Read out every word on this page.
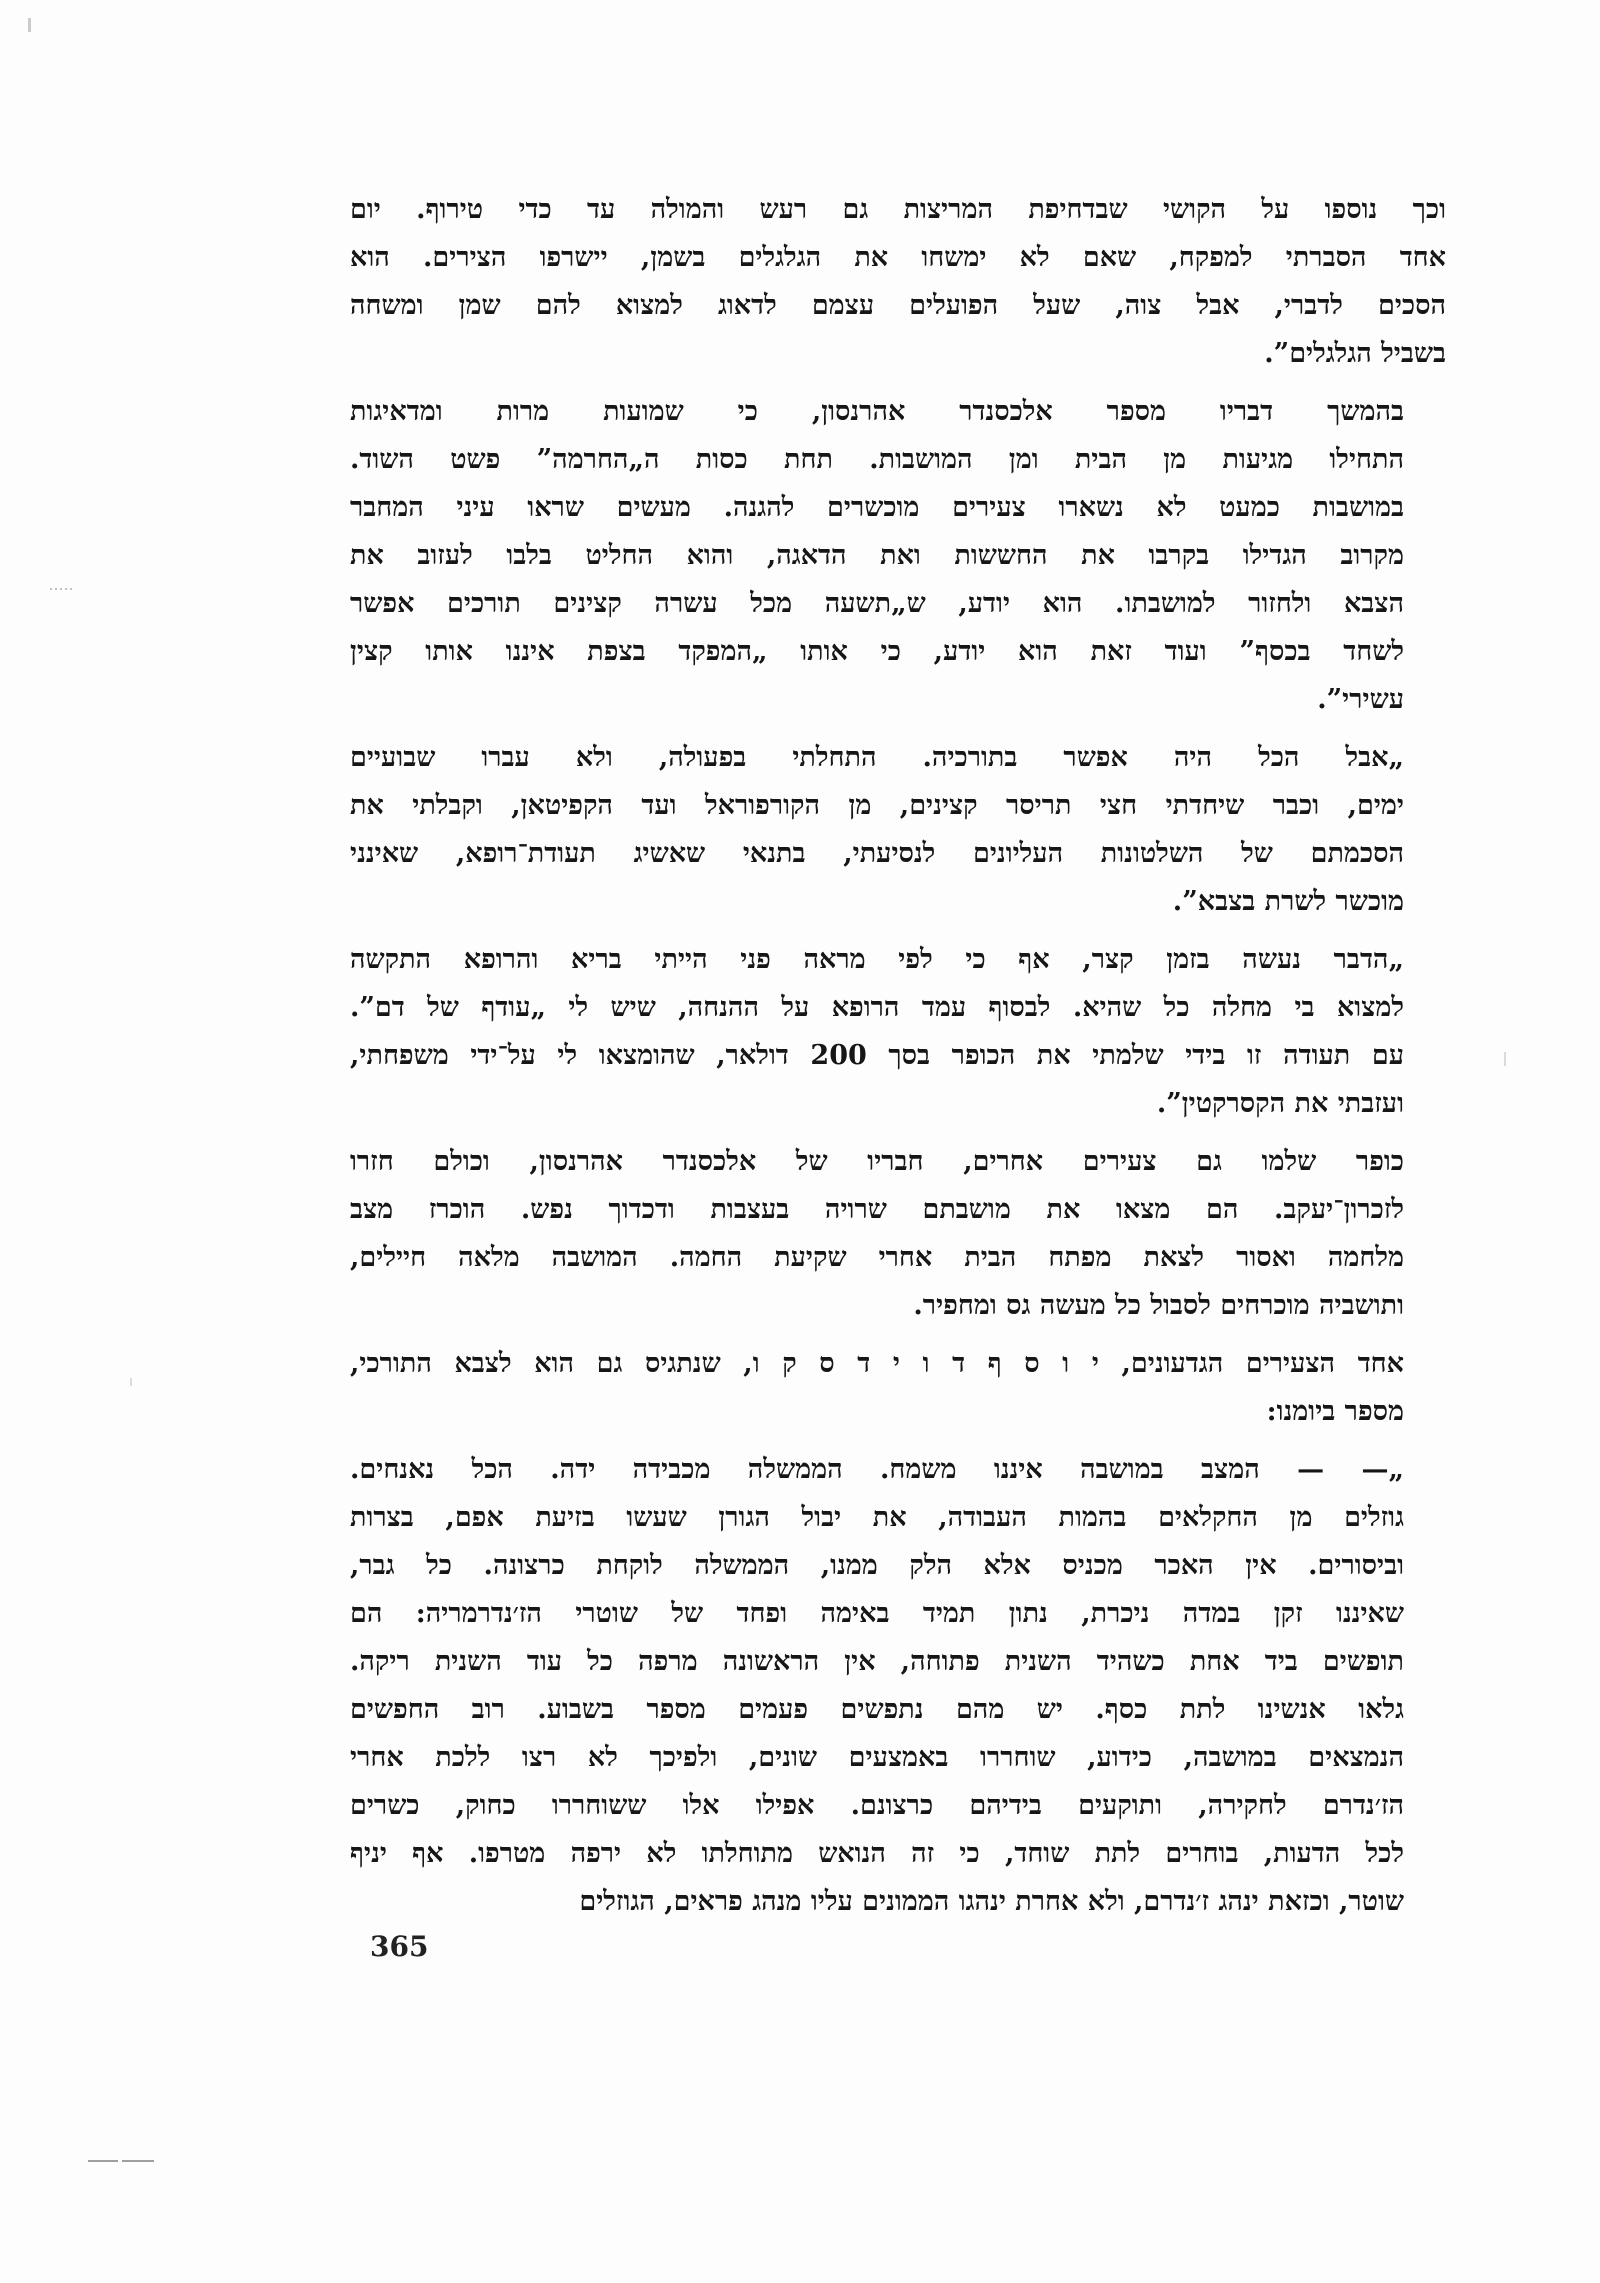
וכך נוספו על הקושי שבדחיפת המריצות גם רעש והמולה עד כדי טירוף. יום
אחד הסברתי למפקח, שאם לא ימשחו את הגלגלים בשמן, יישרפו הצירים. הוא
הסכים לדברי, אבל צוה, שעל הפועלים עצמם לדאוג למצוא להם שמן ומשחה
בשביל הגלגלים”.

בהמשך דבריו מספר אלכסנדר אהרנסון, כי שמועות מרות ומדאיגות
התחילו מגיעות מן הבית ומן המושבות. תחת כסות ה„החרמה” פשט השוד.
במושבות כמעט לא נשארו צעירים מוכשרים להגנה. מעשים שראו עיני המחבר
מקרוב הגדילו בקרבו את החששות ואת הדאגה, והוא החליט בלבו לעזוב את
הצבא ולחזור למושבתו. הוא יודע, ש„תשעה מכל עשרה קצינים תורכים אפשר
לשחד בכסף” ועוד זאת הוא יודע, כי אותו „המפקד בצפת איננו אותו קצין
עשירי”.

„אבל הכל היה אפשר בתורכיה. התחלתי בפעולה, ולא עברו שבועיים
ימים, וכבר שיחדתי חצי תריסר קצינים, מן הקורפוראל ועד הקפיטאן, וקבלתי את
הסכמתם של השלטונות העליונים לנסיעתי, בתנאי שאשיג תעודת־רופא, שאינני
מוכשר לשרת בצבא”.

„הדבר נעשה בזמן קצר, אף כי לפי מראה פני הייתי בריא והרופא התקשה
למצוא בי מחלה כל שהיא. לבסוף עמד הרופא על ההנחה, שיש לי „עודף של דם”.
עם תעודה זו בידי שלמתי את הכופר בסך 200 דולאר, שהומצאו לי על־ידי משפחתי,
ועזבתי את הקסרקטין”.

כופר שלמו גם צעירים אחרים, חבריו של אלכסנדר אהרנסון, וכולם חזרו
לזכרון־יעקב. הם מצאו את מושבתם שרויה בעצבות ודכדוך נפש. הוכרז מצב
מלחמה ואסור לצאת מפתח הבית אחרי שקיעת החמה. המושבה מלאה חיילים,
ותושביה מוכרחים לסבול כל מעשה גס ומחפיר.

אחד הצעירים הגדעונים, י ו ס ף ד ו י ד ס ק ו, שנתגיס גם הוא לצבא התורכי,
מספר ביומנו:

„— — המצב במושבה איננו משמח. הממשלה מכבידה ידה. הכל נאנחים.
גוזלים מן החקלאים בהמות העבודה, את יבול הגורן שעשו בזיעת אפם, בצרות
וביסורים. אין האכר מכניס אלא הלק ממנו, הממשלה לוקחת כרצונה. כל גבר,
שאיננו זקן במדה ניכרת, נתון תמיד באימה ופחד של שוטרי הז׳נדרמריה: הם
תופשים ביד אחת כשהיד השנית פתוחה, אין הראשונה מרפה כל עוד השנית ריקה.
גלאו אנשינו לתת כסף. יש מהם נתפשים פעמים מספר בשבוע. רוב החפשים
הנמצאים במושבה, כידוע, שוחררו באמצעים שונים, ולפיכך לא רצו ללכת אחרי
הז׳נדרם לחקירה, ותוקעים בידיהם כרצונם. אפילו אלו ששוחררו כחוק, כשרים
לכל הדעות, בוחרים לתת שוחד, כי זה הנואש מתוחלתו לא ירפה מטרפו. אף יניף
שוטר, וכזאת ינהג ז׳נדרם, ולא אחרת ינהגו הממונים עליו מנהג פראים, הגוזלים

365
